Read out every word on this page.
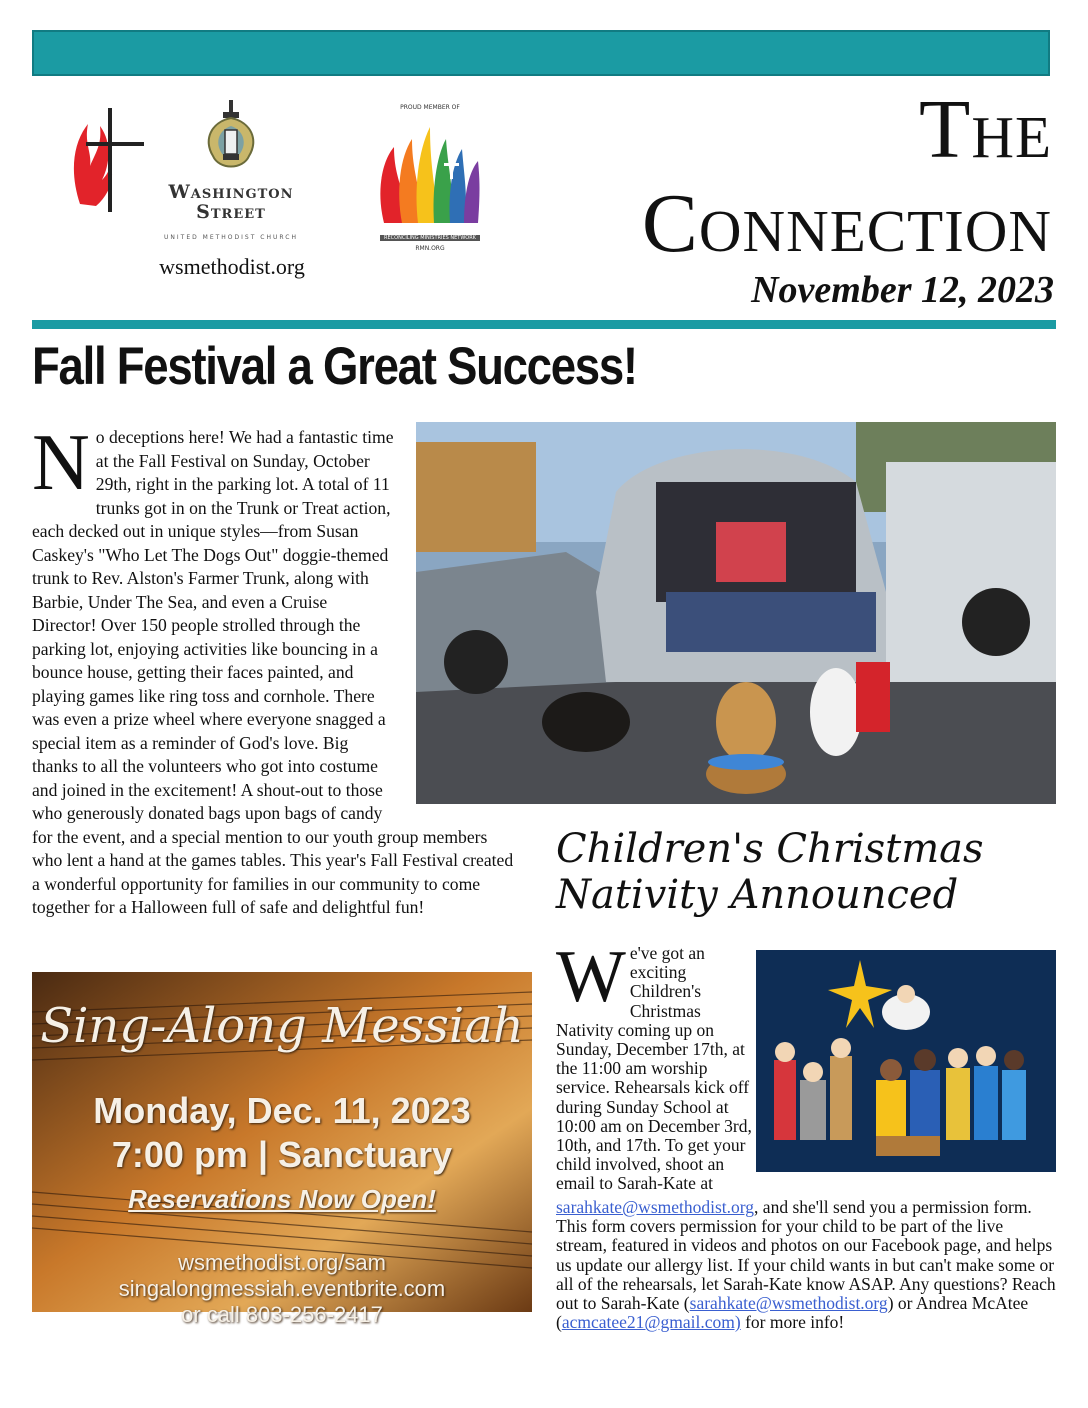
Washington
Street
UNITED METHODIST CHURCH
wsmethodist.org
PROUD MEMBER OF
RECONCILING MINISTRIES NETWORK
RMN.ORG
The
Connection
November 12, 2023
Fall Festival a Great Success!
N o deceptions here! We had a fantastic time at the Fall Festival on Sunday, October 29th, right in the parking lot. A total of 11 trunks got in on the Trunk or Treat action, each decked out in unique styles—from Susan Caskey's "Who Let The Dogs Out" doggie-themed trunk to Rev. Alston's Farmer Trunk, along with Barbie, Under The Sea, and even a Cruise Director! Over 150 people strolled through the parking lot, enjoying activities like bouncing in a bounce house, getting their faces painted, and playing games like ring toss and cornhole. There was even a prize wheel where everyone snagged a special item as a reminder of God's love. Big thanks to all the volunteers who got into costume and joined in the excitement! A shout-out to those who generously donated bags upon bags of candy for the event, and a special mention to our youth group members who lent a hand at the games tables. This year's Fall Festival created a wonderful opportunity for families in our community to come together for a Halloween full of safe and delightful fun!
Sing-Along Messiah
Monday, Dec. 11, 2023
7:00 pm | Sanctuary
Reservations Now Open!
wsmethodist.org/sam
singalongmessiah.eventbrite.com
or call 803-256-2417
Children's Christmas Nativity Announced
We've got an exciting Children's Christmas Nativity coming up on Sunday, December 17th, at the 11:00 am worship service. Rehearsals kick off during Sunday School at 10:00 am on December 3rd, 10th, and 17th. To get your child involved, shoot an email to Sarah-Kate at sarahkate@wsmethodist.org, and she'll send you a permission form. This form covers permission for your child to be part of the live stream, featured in videos and photos on our Facebook page, and helps us update our allergy list. If your child wants in but can't make some or all of the rehearsals, let Sarah-Kate know ASAP. Any questions? Reach out to Sarah-Kate (sarahkate@wsmethodist.org) or Andrea McAtee (acmcatee21@gmail.com) for more info!
